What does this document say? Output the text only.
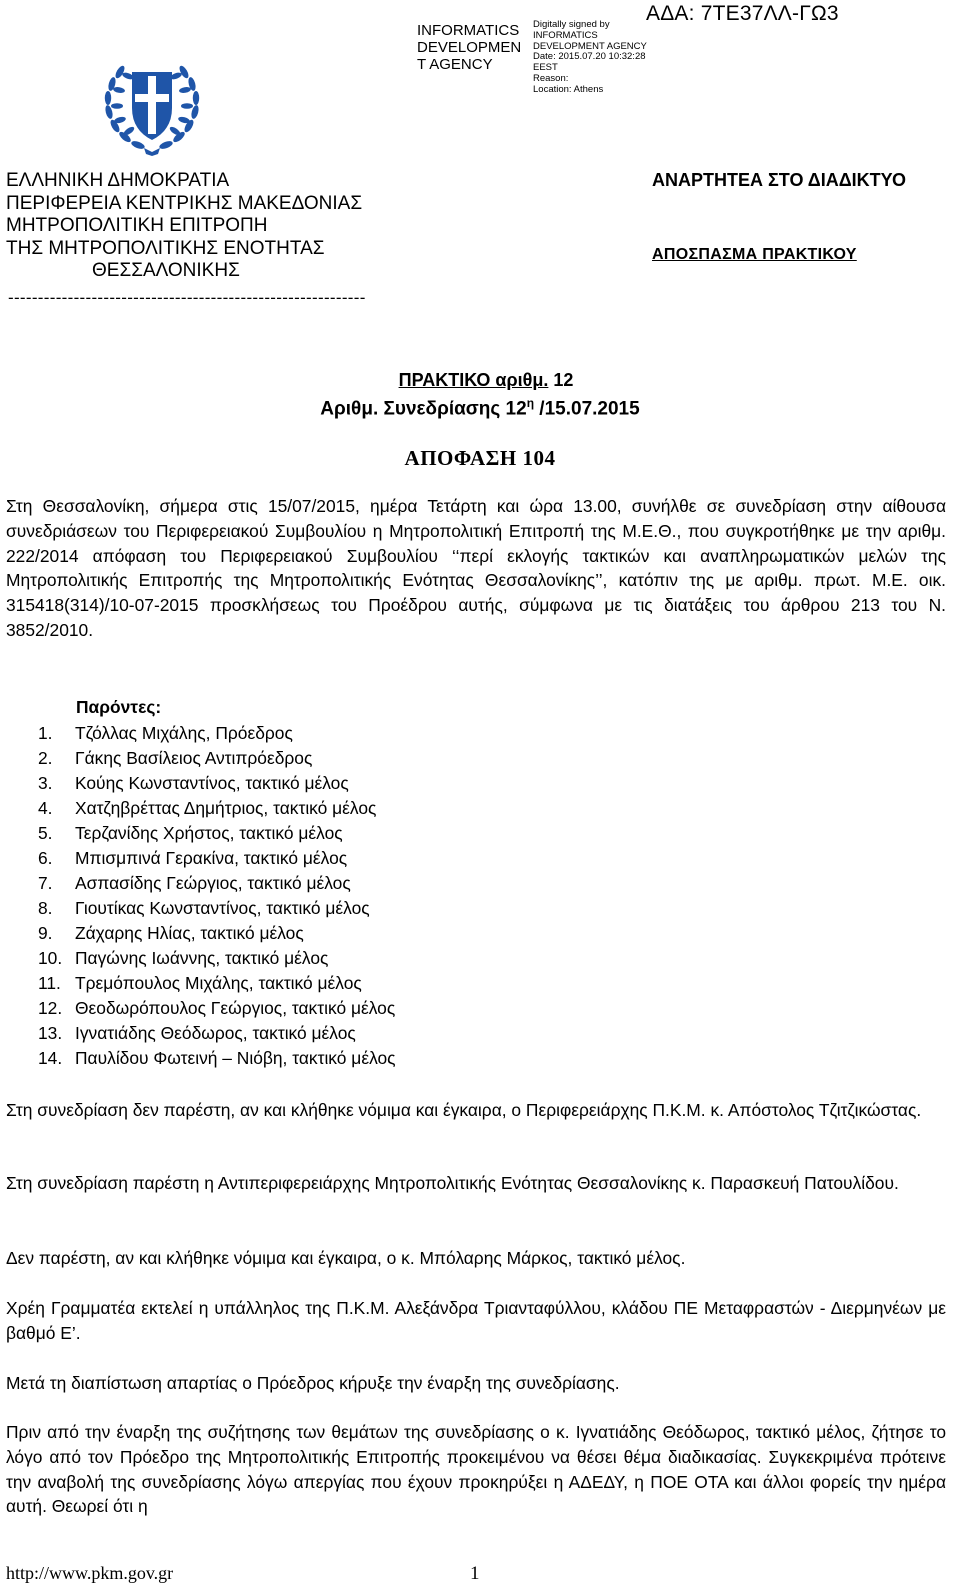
ΑΔΑ: 7ΤΕ37ΛΛ-ΓΩ3
INFORMATICS
DEVELOPMEN
T AGENCY
Digitally signed by
INFORMATICS
DEVELOPMENT AGENCY
Date: 2015.07.20 10:32:28
EEST
Reason:
Location: Athens
ΕΛΛΗΝΙΚΗ ΔΗΜΟΚΡΑΤΙΑ
ΠΕΡΙΦΕΡΕΙΑ ΚΕΝΤΡΙΚΗΣ ΜΑΚΕΔΟΝΙΑΣ
ΜΗΤΡΟΠΟΛΙΤΙΚΗ ΕΠΙΤΡΟΠΗ
ΤΗΣ ΜΗΤΡΟΠΟΛΙΤΙΚΗΣ ΕΝΟΤΗΤΑΣ
ΘΕΣΣΑΛΟΝΙΚΗΣ
------------------------------------------------------------
ΑΝΑΡΤΗΤΕΑ ΣΤΟ ΔΙΑΔΙΚΤΥΟ
ΑΠΟΣΠΑΣΜΑ ΠΡΑΚΤΙΚΟΥ
ΠΡΑΚΤΙΚΟ αριθμ. 12
Αριθμ. Συνεδρίασης $12^\eta$ /15.07.2015
ΑΠΟΦΑΣΗ 104
Στη Θεσσαλονίκη, σήμερα στις 15/07/2015, ημέρα Τετάρτη και ώρα 13.00, συνήλθε σε συνεδρίαση στην αίθουσα συνεδριάσεων του Περιφερειακού Συμβουλίου η Μητροπολιτική Επιτροπή της Μ.Ε.Θ., που συγκροτήθηκε με την αριθμ. 222/2014 απόφαση του Περιφερειακού Συμβουλίου ‘‘περί εκλογής τακτικών και αναπληρωματικών μελών της Μητροπολιτικής Επιτροπής της Μητροπολιτικής Ενότητας Θεσσαλονίκης’’, κατόπιν της με αριθμ. πρωτ. Μ.Ε. οικ. 315418(314)/10-07-2015 προσκλήσεως του Προέδρου αυτής, σύμφωνα με τις διατάξεις του άρθρου 213 του Ν. 3852/2010.
Παρόντες:
1. Τζόλλας Μιχάλης, Πρόεδρος
2. Γάκης Βασίλειος Αντιπρόεδρος
3. Κούης Κωνσταντίνος, τακτικό μέλος
4. Χατζηβρέττας Δημήτριος, τακτικό μέλος
5. Τερζανίδης Χρήστος, τακτικό μέλος
6. Μπισμπινά Γερακίνα, τακτικό μέλος
7. Ασπασίδης Γεώργιος, τακτικό μέλος
8. Γιουτίκας Κωνσταντίνος, τακτικό μέλος
9. Ζάχαρης Ηλίας, τακτικό μέλος
10. Παγώνης Ιωάννης, τακτικό μέλος
11. Τρεμόπουλος Μιχάλης, τακτικό μέλος
12. Θεοδωρόπουλος Γεώργιος, τακτικό μέλος
13. Ιγνατιάδης Θεόδωρος, τακτικό μέλος
14. Παυλίδου Φωτεινή – Νιόβη, τακτικό μέλος
Στη συνεδρίαση δεν παρέστη, αν και κλήθηκε νόμιμα και έγκαιρα, ο Περιφερειάρχης Π.Κ.Μ. κ. Απόστολος Τζιτζικώστας.
Στη συνεδρίαση παρέστη η Αντιπεριφερειάρχης Μητροπολιτικής Ενότητας Θεσσαλονίκης κ. Παρασκευή Πατουλίδου.
Δεν παρέστη, αν και κλήθηκε νόμιμα και έγκαιρα, ο κ. Μπόλαρης Μάρκος, τακτικό μέλος.
Χρέη Γραμματέα εκτελεί η υπάλληλος της Π.Κ.Μ. Αλεξάνδρα Τριανταφύλλου, κλάδου ΠΕ Μεταφραστών - Διερμηνέων με βαθμό Ε’.
Μετά τη διαπίστωση απαρτίας ο Πρόεδρος κήρυξε την έναρξη της συνεδρίασης.
Πριν από την έναρξη της συζήτησης των θεμάτων της συνεδρίασης ο κ. Ιγνατιάδης Θεόδωρος, τακτικό μέλος, ζήτησε το λόγο από τον Πρόεδρο της Μητροπολιτικής Επιτροπής προκειμένου να θέσει θέμα διαδικασίας. Συγκεκριμένα πρότεινε την αναβολή της συνεδρίασης λόγω απεργίας που έχουν προκηρύξει η ΑΔΕΔΥ, η ΠΟΕ ΟΤΑ και άλλοι φορείς την ημέρα αυτή. Θεωρεί ότι η
http://www.pkm.gov.gr	1
